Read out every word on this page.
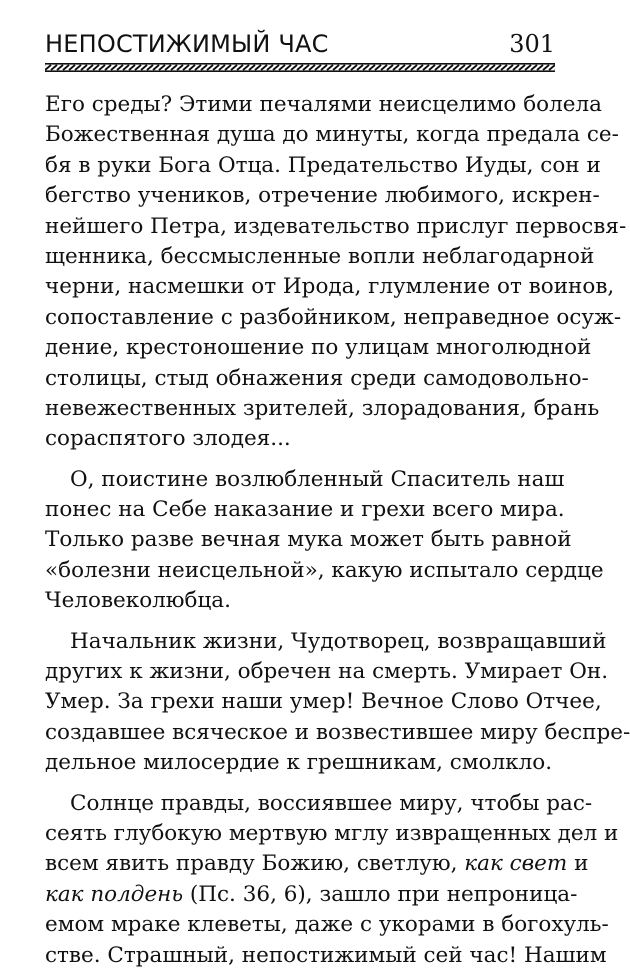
НЕПОСТИЖИМЫЙ ЧАС	301
Его среды? Этими печалями неисцелимо болела
Божественная душа до минуты, когда предала се-
бя в руки Бога Отца. Предательство Иуды, сон и
бегство учеников, отречение любимого, искрен-
нейшего Петра, издевательство прислуг первосвя-
щенника, бессмысленные вопли неблагодарной
черни, насмешки от Ирода, глумление от воинов,
сопоставление с разбойником, неправедное осуж-
дение, крестоношение по улицам многолюдной
столицы, стыд обнажения среди самодовольно-
невежественных зрителей, злорадования, брань
сораспятого злодея...
О, поистине возлюбленный Спаситель наш
понес на Себе наказание и грехи всего мира.
Только разве вечная мука может быть равной
«болезни неисцельной», какую испытало сердце
Человеколюбца.
Начальник жизни, Чудотворец, возвращавший
других к жизни, обречен на смерть. Умирает Он.
Умер. За грехи наши умер! Вечное Слово Отчее,
создавшее всяческое и возвестившее миру беспре-
дельное милосердие к грешникам, смолкло.
Солнце правды, воссиявшее миру, чтобы рас-
сеять глубокую мертвую мглу извращенных дел и
всем явить правду Божию, светлую, как свет и
как полдень (Пс. 36, 6), зашло при непроница-
емом мраке клеветы, даже с укорами в богохуль-
стве. Страшный, непостижимый сей час! Нашим
